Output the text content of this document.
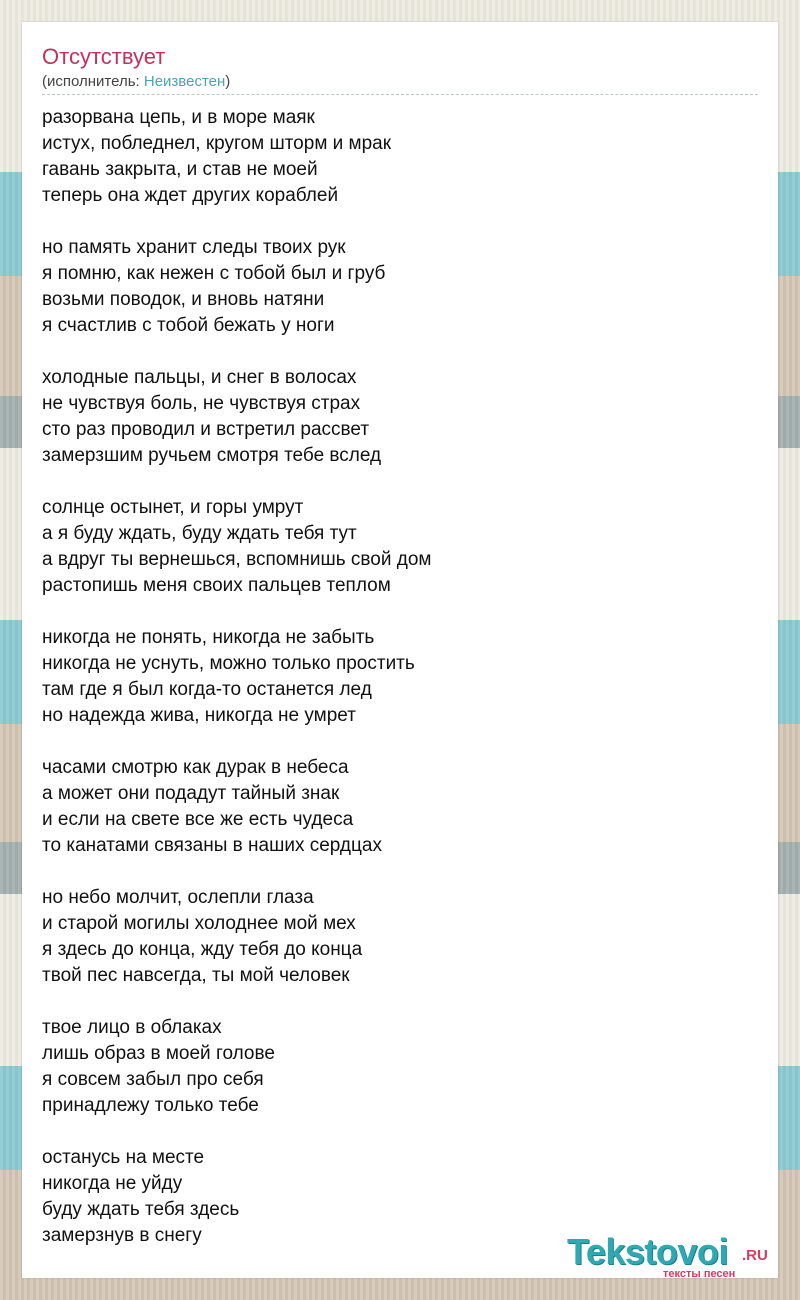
Отсутствует
(исполнитель: Неизвестен)
разорвана цепь, и в море маяк
истух, побледнел, кругом шторм и мрак
гавань закрыта, и став не моей
теперь она ждет других кораблей
но память хранит следы твоих рук
я помню, как нежен с тобой был и груб
возьми поводок, и вновь натяни
я счастлив с тобой бежать у ноги
холодные пальцы, и снег в волосах
не чувствуя боль, не чувствуя страх
сто раз проводил и встретил рассвет
замерзшим ручьем смотря тебе вслед
солнце остынет, и горы умрут
а я буду ждать, буду ждать тебя тут
а вдруг ты вернешься, вспомнишь свой дом
растопишь меня своих пальцев теплом
никогда не понять, никогда не забыть
никогда не уснуть, можно только простить
там где я был когда-то останется лед
но надежда жива, никогда не умрет
часами смотрю как дурак в небеса
а может они подадут тайный знак
и если на свете все же есть чудеса
то канатами связаны в наших сердцах
но небо молчит, ослепли глаза
и старой могилы холоднее мой мех
я здесь до конца, жду тебя до конца
твой пес навсегда, ты мой человек
твое лицо в облаках
лишь образ в моей голове
я совсем забыл про себя
принадлежу только тебе
останусь на месте
никогда не уйду
буду ждать тебя здесь
замерзнув в снегу	Tekstovoi .RU
тексты песен
